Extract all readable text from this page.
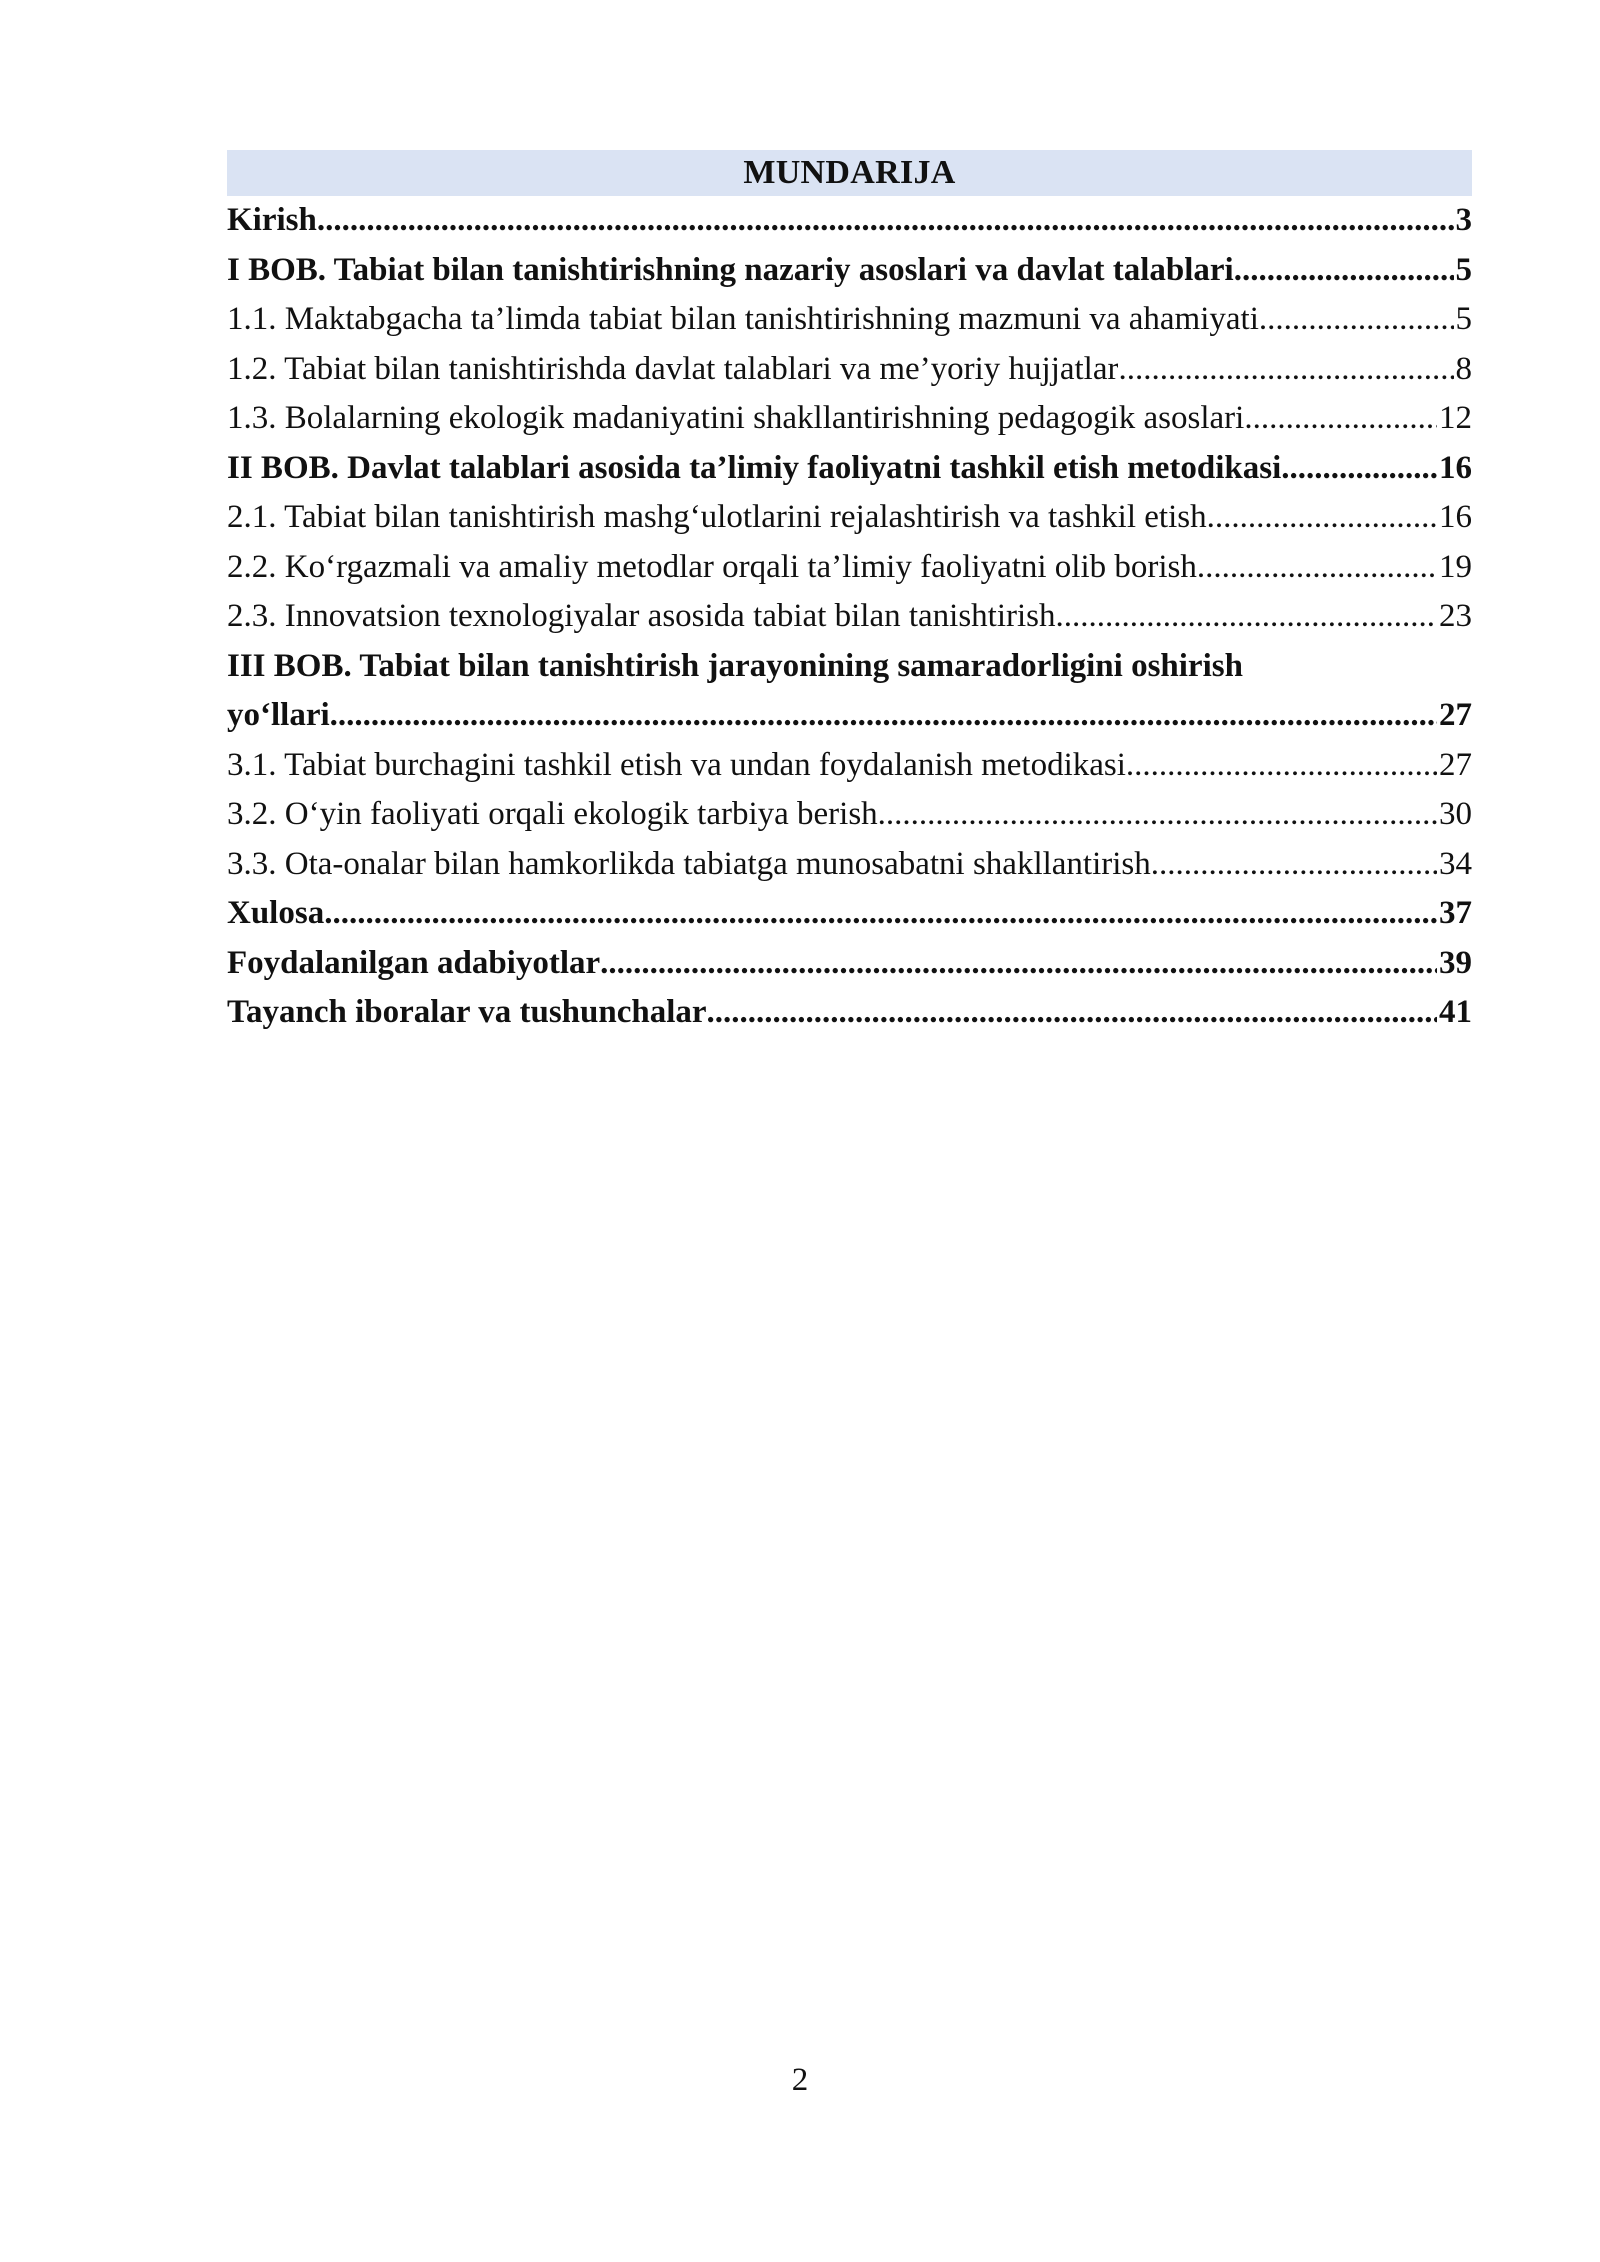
MUNDARIJA
Kirish .....	3
I BOB. Tabiat bilan tanishtirishning nazariy asoslari va davlat talablari .....	5
1.1. Maktabgacha ta’limda tabiat bilan tanishtirishning mazmuni va ahamiyati .....	5
1.2. Tabiat bilan tanishtirishda davlat talablari va me’yoriy hujjatlar .....	8
1.3. Bolalarning ekologik madaniyatini shakllantirishning pedagogik asoslari .....	12
II BOB. Davlat talablari asosida ta’limiy faoliyatni tashkil etish metodikasi. .....	16
2.1. Tabiat bilan tanishtirish mashg‘ulotlarini rejalashtirish va tashkil etish .....	16
2.2. Ko‘rgazmali va amaliy metodlar orqali ta’limiy faoliyatni olib borish .....	19
2.3. Innovatsion texnologiyalar asosida tabiat bilan tanishtirish .....	23
III BOB. Tabiat bilan tanishtirish jarayonining samaradorligini oshirish
yo‘llari .....	27
3.1. Tabiat burchagini tashkil etish va undan foydalanish metodikasi .....	27
3.2. O‘yin faoliyati orqali ekologik tarbiya berish .....	30
3.3. Ota-onalar bilan hamkorlikda tabiatga munosabatni shakllantirish .....	34
Xulosa .....	37
Foydalanilgan adabiyotlar .....	39
Tayanch iboralar va tushunchalar .....	41
2
